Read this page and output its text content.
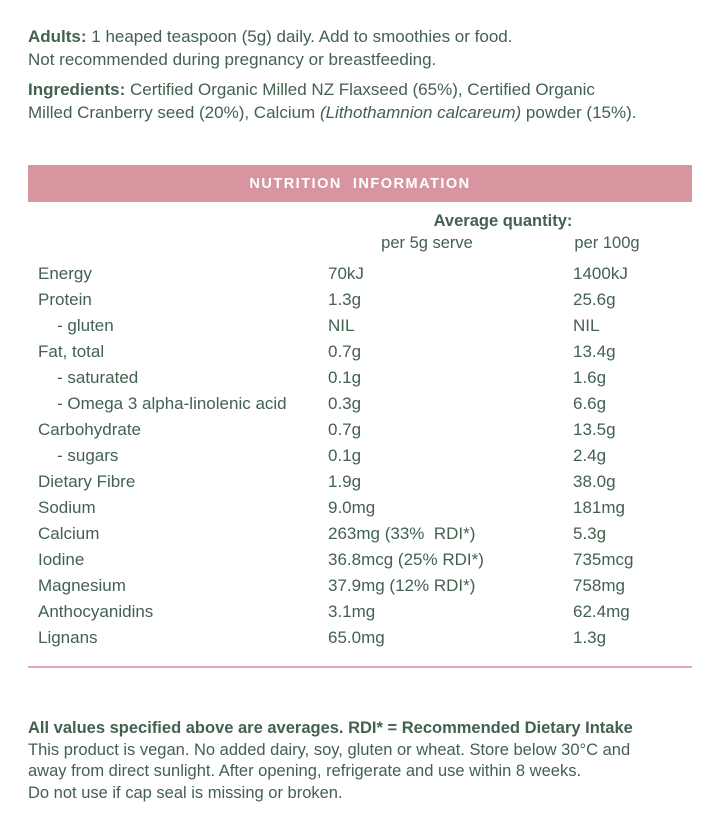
Adults: 1 heaped teaspoon (5g) daily. Add to smoothies or food.
Not recommended during pregnancy or breastfeeding.

Ingredients: Certified Organic Milled NZ Flaxseed (65%), Certified Organic
Milled Cranberry seed (20%), Calcium (Lithothamnion calcareum) powder (15%).

NUTRITION  INFORMATION
Average quantity:
per 5g serve	per 100g
Energy	70kJ	1400kJ
Protein	1.3g	25.6g
- gluten	NIL	NIL
Fat, total	0.7g	13.4g
- saturated	0.1g	1.6g
- Omega 3 alpha-linolenic acid 0.3g	6.6g
Carbohydrate	0.7g	13.5g
- sugars	0.1g	2.4g
Dietary Fibre	1.9g	38.0g
Sodium	9.0mg	181mg
Calcium	263mg (33%  RDI*)	5.3g
Iodine	36.8mcg (25% RDI*)	735mcg
Magnesium	37.9mg (12% RDI*)	758mg
Anthocyanidins	3.1mg	62.4mg
Lignans	65.0mg	1.3g
All values specified above are averages. RDI* = Recommended Dietary Intake
This product is vegan. No added dairy, soy, gluten or wheat. Store below 30°C and
away from direct sunlight. After opening, refrigerate and use within 8 weeks.
Do not use if cap seal is missing or broken.
